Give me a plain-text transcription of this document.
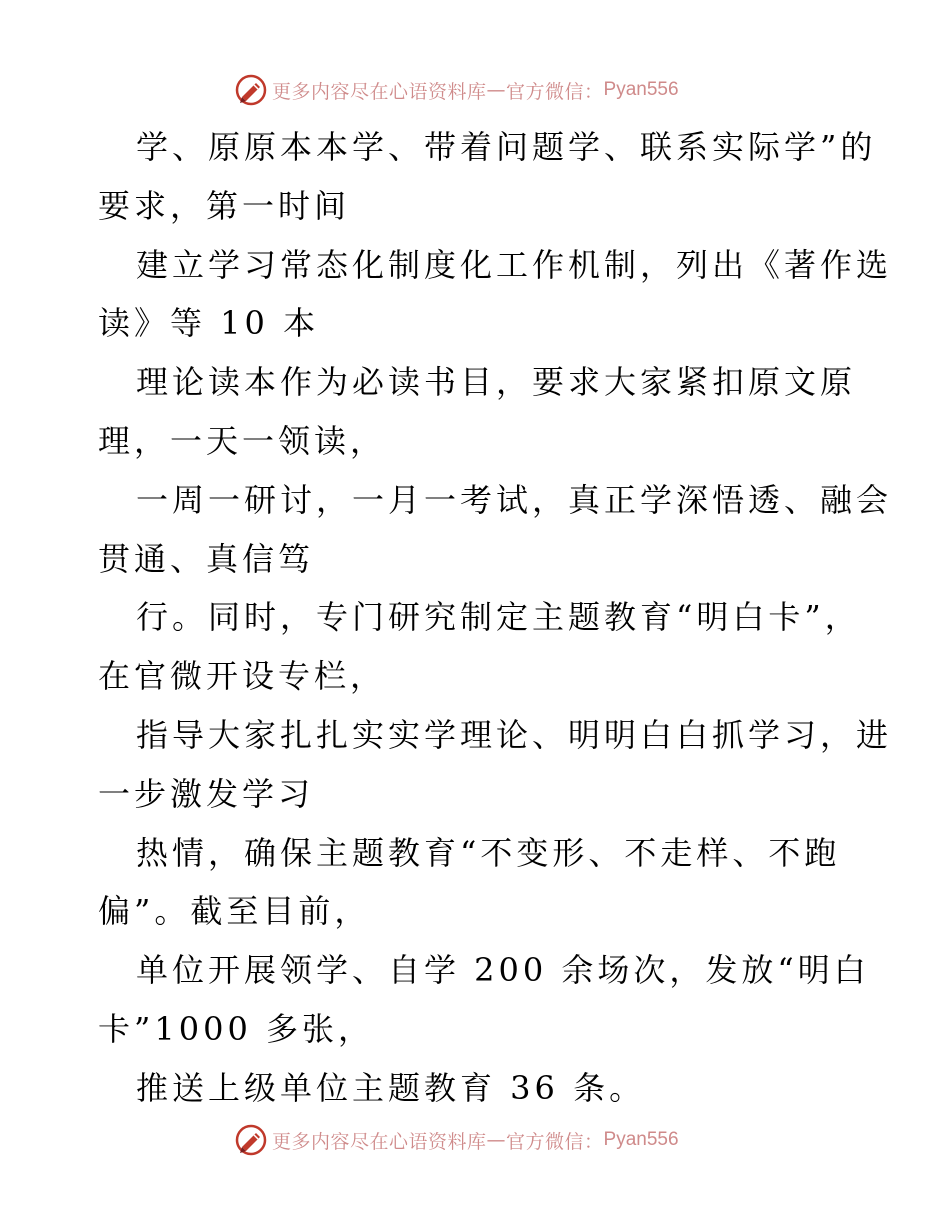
更多内容尽在心语资料库 — 官方微信： Pyan556
学、原原本本学、带着问题学、联系实际学”的
要求，第一时间
建立学习常态化制度化工作机制，列出《著作选
读》等 10 本
理论读本作为必读书目，要求大家紧扣原文原
理，一天一领读，
一周一研讨，一月一考试，真正学深悟透、融会
贯通、真信笃
行。同时，专门研究制定主题教育“明白卡”，
在官微开设专栏，
指导大家扎扎实实学理论、明明白白抓学习，进
一步激发学习
热情，确保主题教育“不变形、不走样、不跑
偏”。截至目前，
单位开展领学、自学 200 余场次，发放“明白
卡”1000 多张，
推送上级单位主题教育 36 条。
更多内容尽在心语资料库 — 官方微信： Pyan556
